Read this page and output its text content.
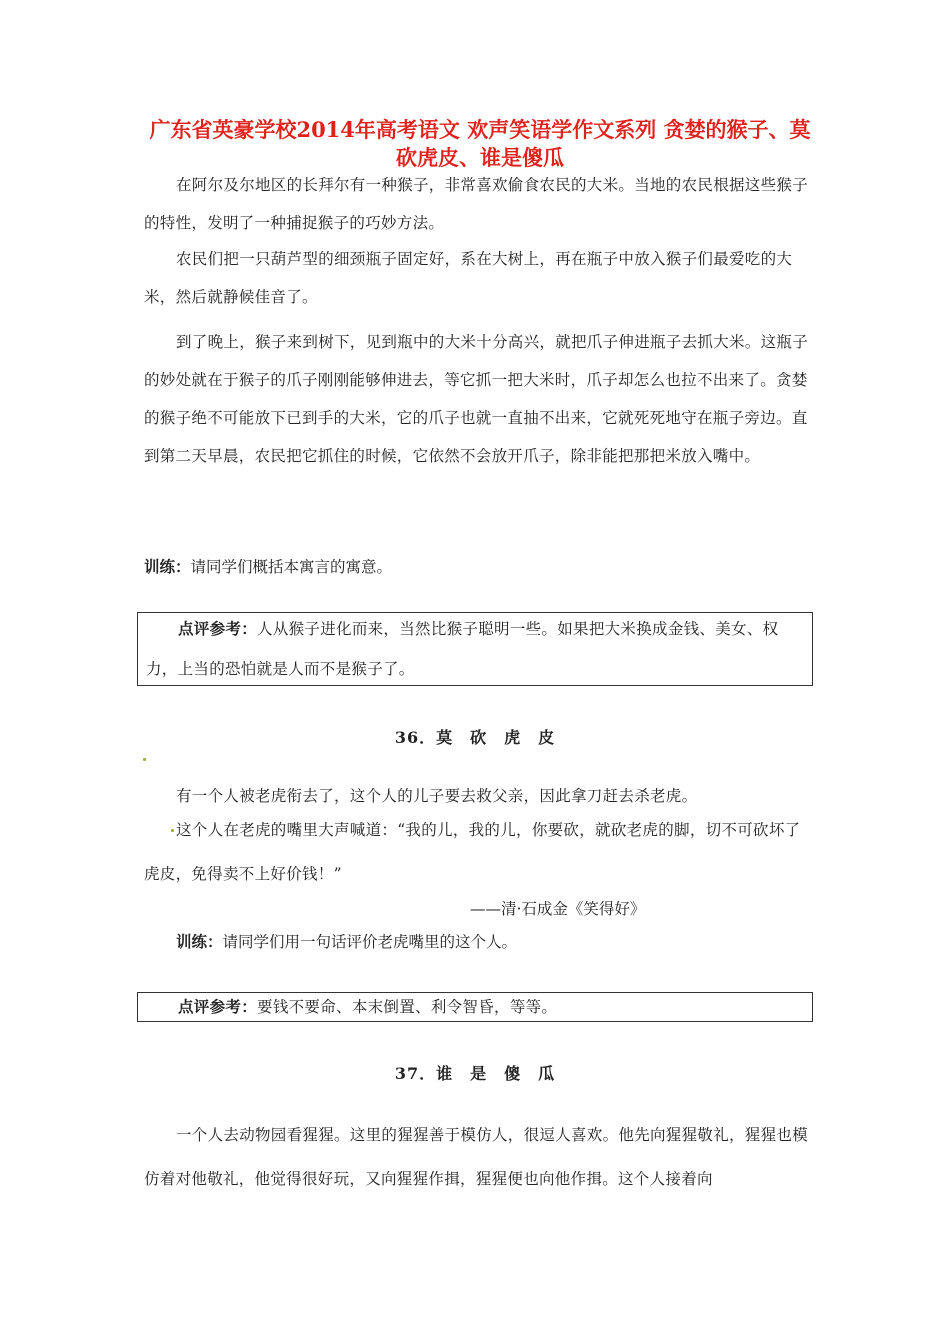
广东省英豪学校2014年高考语文 欢声笑语学作文系列 贪婪的猴子、莫砍虎皮、谁是傻瓜

在阿尔及尔地区的长拜尔有一种猴子，非常喜欢偷食农民的大米。当地的农民根据这些猴子的特性，发明了一种捕捉猴子的巧妙方法。

农民们把一只葫芦型的细颈瓶子固定好，系在大树上，再在瓶子中放入猴子们最爱吃的大米，然后就静候佳音了。

到了晚上，猴子来到树下，见到瓶中的大米十分高兴，就把爪子伸进瓶子去抓大米。这瓶子的妙处就在于猴子的爪子刚刚能够伸进去，等它抓一把大米时，爪子却怎么也拉不出来了。贪婪的猴子绝不可能放下已到手的大米，它的爪子也就一直抽不出来，它就死死地守在瓶子旁边。直到第二天早晨，农民把它抓住的时候，它依然不会放开爪子，除非能把那把米放入嘴中。

训练：请同学们概括本寓言的寓意。
点评参考：人从猴子进化而来，当然比猴子聪明一些。如果把大米换成金钱、美女、权力，上当的恐怕就是人而不是猴子了。
36．莫　砍　虎　皮

有一个人被老虎衔去了，这个人的儿子要去救父亲，因此拿刀赶去杀老虎。

这个人在老虎的嘴里大声喊道：“我的儿，我的儿，你要砍，就砍老虎的脚，切不可砍坏了虎皮，免得卖不上好价钱！”

——清·石成金《笑得好》
训练：请同学们用一句话评价老虎嘴里的这个人。
点评参考：要钱不要命、本末倒置、利令智昏，等等。
37．谁　是　傻　瓜

一个人去动物园看猩猩。这里的猩猩善于模仿人，很逗人喜欢。他先向猩猩敬礼，猩猩也模仿着对他敬礼，他觉得很好玩，又向猩猩作揖，猩猩便也向他作揖。这个人接着向
